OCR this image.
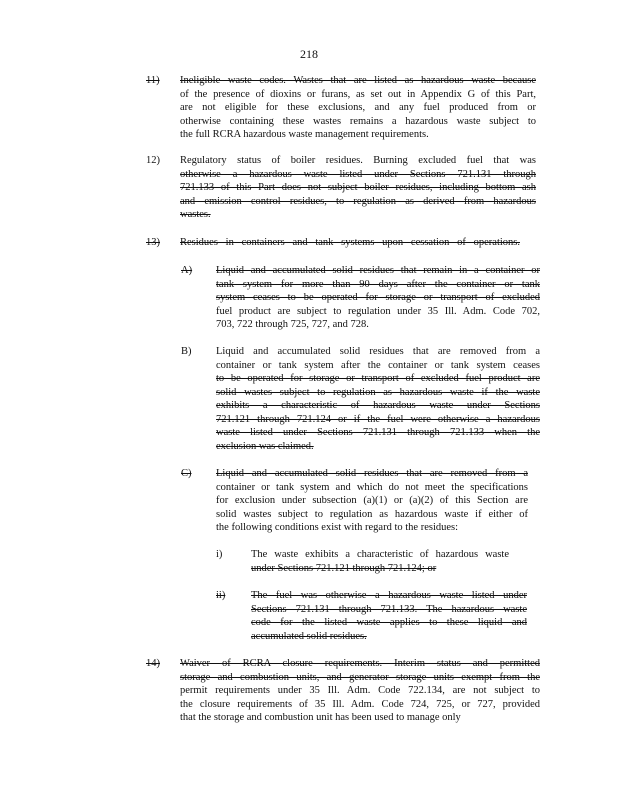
218
11) Ineligible waste codes. Wastes that are listed as hazardous waste because
of the presence of dioxins or furans, as set out in Appendix G of this Part,
are not eligible for these exclusions, and any fuel produced from or
otherwise containing these wastes remains a hazardous waste subject to
the full RCRA hazardous waste management requirements.
12) Regulatory status of boiler residues. Burning excluded fuel that was
otherwise a hazardous waste listed under Sections 721.131 through
721.133 of this Part does not subject boiler residues, including bottom ash
and emission control residues, to regulation as derived from hazardous
wastes.
13) Residues in containers and tank systems upon cessation of operations.
A) Liquid and accumulated solid residues that remain in a container or
tank system for more than 90 days after the container or tank
system ceases to be operated for storage or transport of excluded
fuel product are subject to regulation under 35 Ill. Adm. Code 702,
703, 722 through 725, 727, and 728.
B) Liquid and accumulated solid residues that are removed from a
container or tank system after the container or tank system ceases
to be operated for storage or transport of excluded fuel product are
solid wastes subject to regulation as hazardous waste if the waste
exhibits a characteristic of hazardous waste under Sections
721.121 through 721.124 or if the fuel were otherwise a hazardous
waste listed under Sections 721.131 through 721.133 when the
exclusion was claimed.
C) Liquid and accumulated solid residues that are removed from a
container or tank system and which do not meet the specifications
for exclusion under subsection (a)(1) or (a)(2) of this Section are
solid wastes subject to regulation as hazardous waste if either of
the following conditions exist with regard to the residues:
i)	The waste exhibits a characteristic of hazardous waste
under Sections 721.121 through 721.124; or
ii) The fuel was otherwise a hazardous waste listed under
Sections 721.131 through 721.133. The hazardous waste
code for the listed waste applies to these liquid and
accumulated solid residues.
14) Waiver of RCRA closure requirements. Interim status and permitted
storage and combustion units, and generator storage units exempt from the
permit requirements under 35 Ill. Adm. Code 722.134, are not subject to
the closure requirements of 35 Ill. Adm. Code 724, 725, or 727, provided
that the storage and combustion unit has been used to manage only
